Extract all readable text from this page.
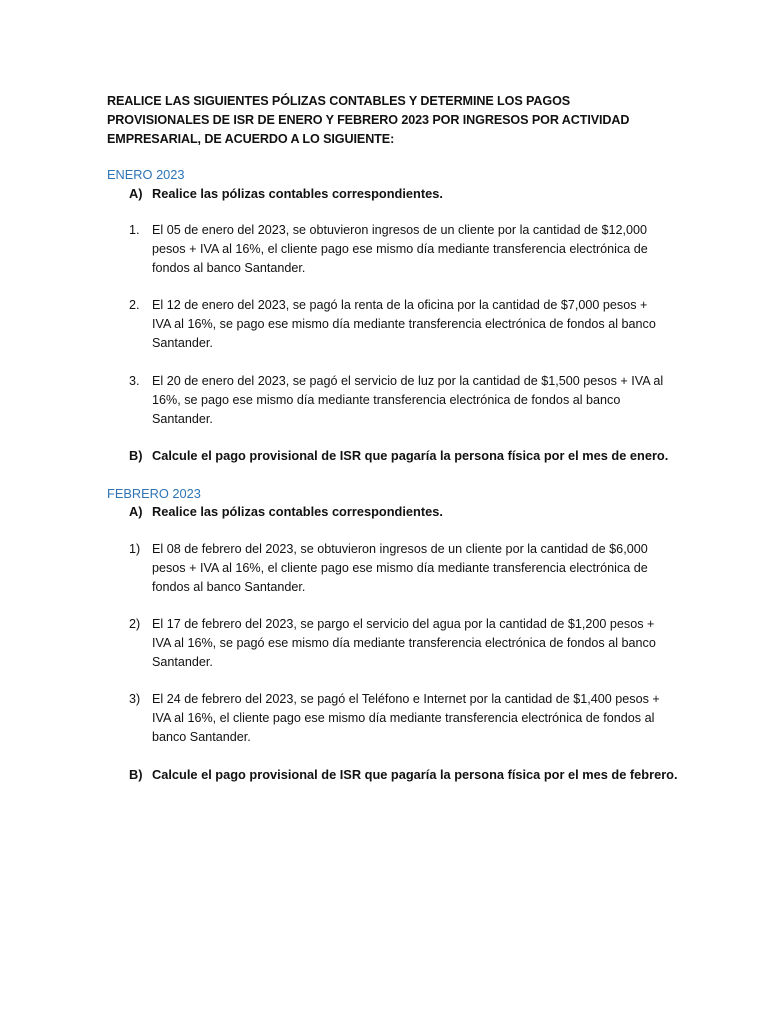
REALICE LAS SIGUIENTES PÓLIZAS CONTABLES Y DETERMINE LOS PAGOS PROVISIONALES DE ISR DE ENERO Y FEBRERO 2023 POR INGRESOS POR ACTIVIDAD EMPRESARIAL, DE ACUERDO A LO SIGUIENTE:
ENERO 2023
A) Realice las pólizas contables correspondientes.
1. El 05 de enero del 2023, se obtuvieron ingresos de un cliente por la cantidad de $12,000 pesos + IVA al 16%, el cliente pago ese mismo día mediante transferencia electrónica de fondos al banco Santander.
2. El 12 de enero del 2023, se pagó la renta de la oficina por la cantidad de $7,000 pesos + IVA al 16%, se pago ese mismo día mediante transferencia electrónica de fondos al banco Santander.
3. El 20 de enero del 2023, se pagó el servicio de luz por la cantidad de $1,500 pesos + IVA al 16%, se pago ese mismo día mediante transferencia electrónica de fondos al banco Santander.
B) Calcule el pago provisional de ISR que pagaría la persona física por el mes de enero.
FEBRERO 2023
A) Realice las pólizas contables correspondientes.
1) El 08 de febrero del 2023, se obtuvieron ingresos de un cliente por la cantidad de $6,000 pesos + IVA al 16%, el cliente pago ese mismo día mediante transferencia electrónica de fondos al banco Santander.
2) El 17 de febrero del 2023, se pargo el servicio del agua por la cantidad de $1,200 pesos + IVA al 16%, se pagó ese mismo día mediante transferencia electrónica de fondos al banco Santander.
3) El 24 de febrero del 2023, se pagó el Teléfono e Internet por la cantidad de $1,400 pesos + IVA al 16%, el cliente pago ese mismo día mediante transferencia electrónica de fondos al banco Santander.
B) Calcule el pago provisional de ISR que pagaría la persona física por el mes de febrero.
